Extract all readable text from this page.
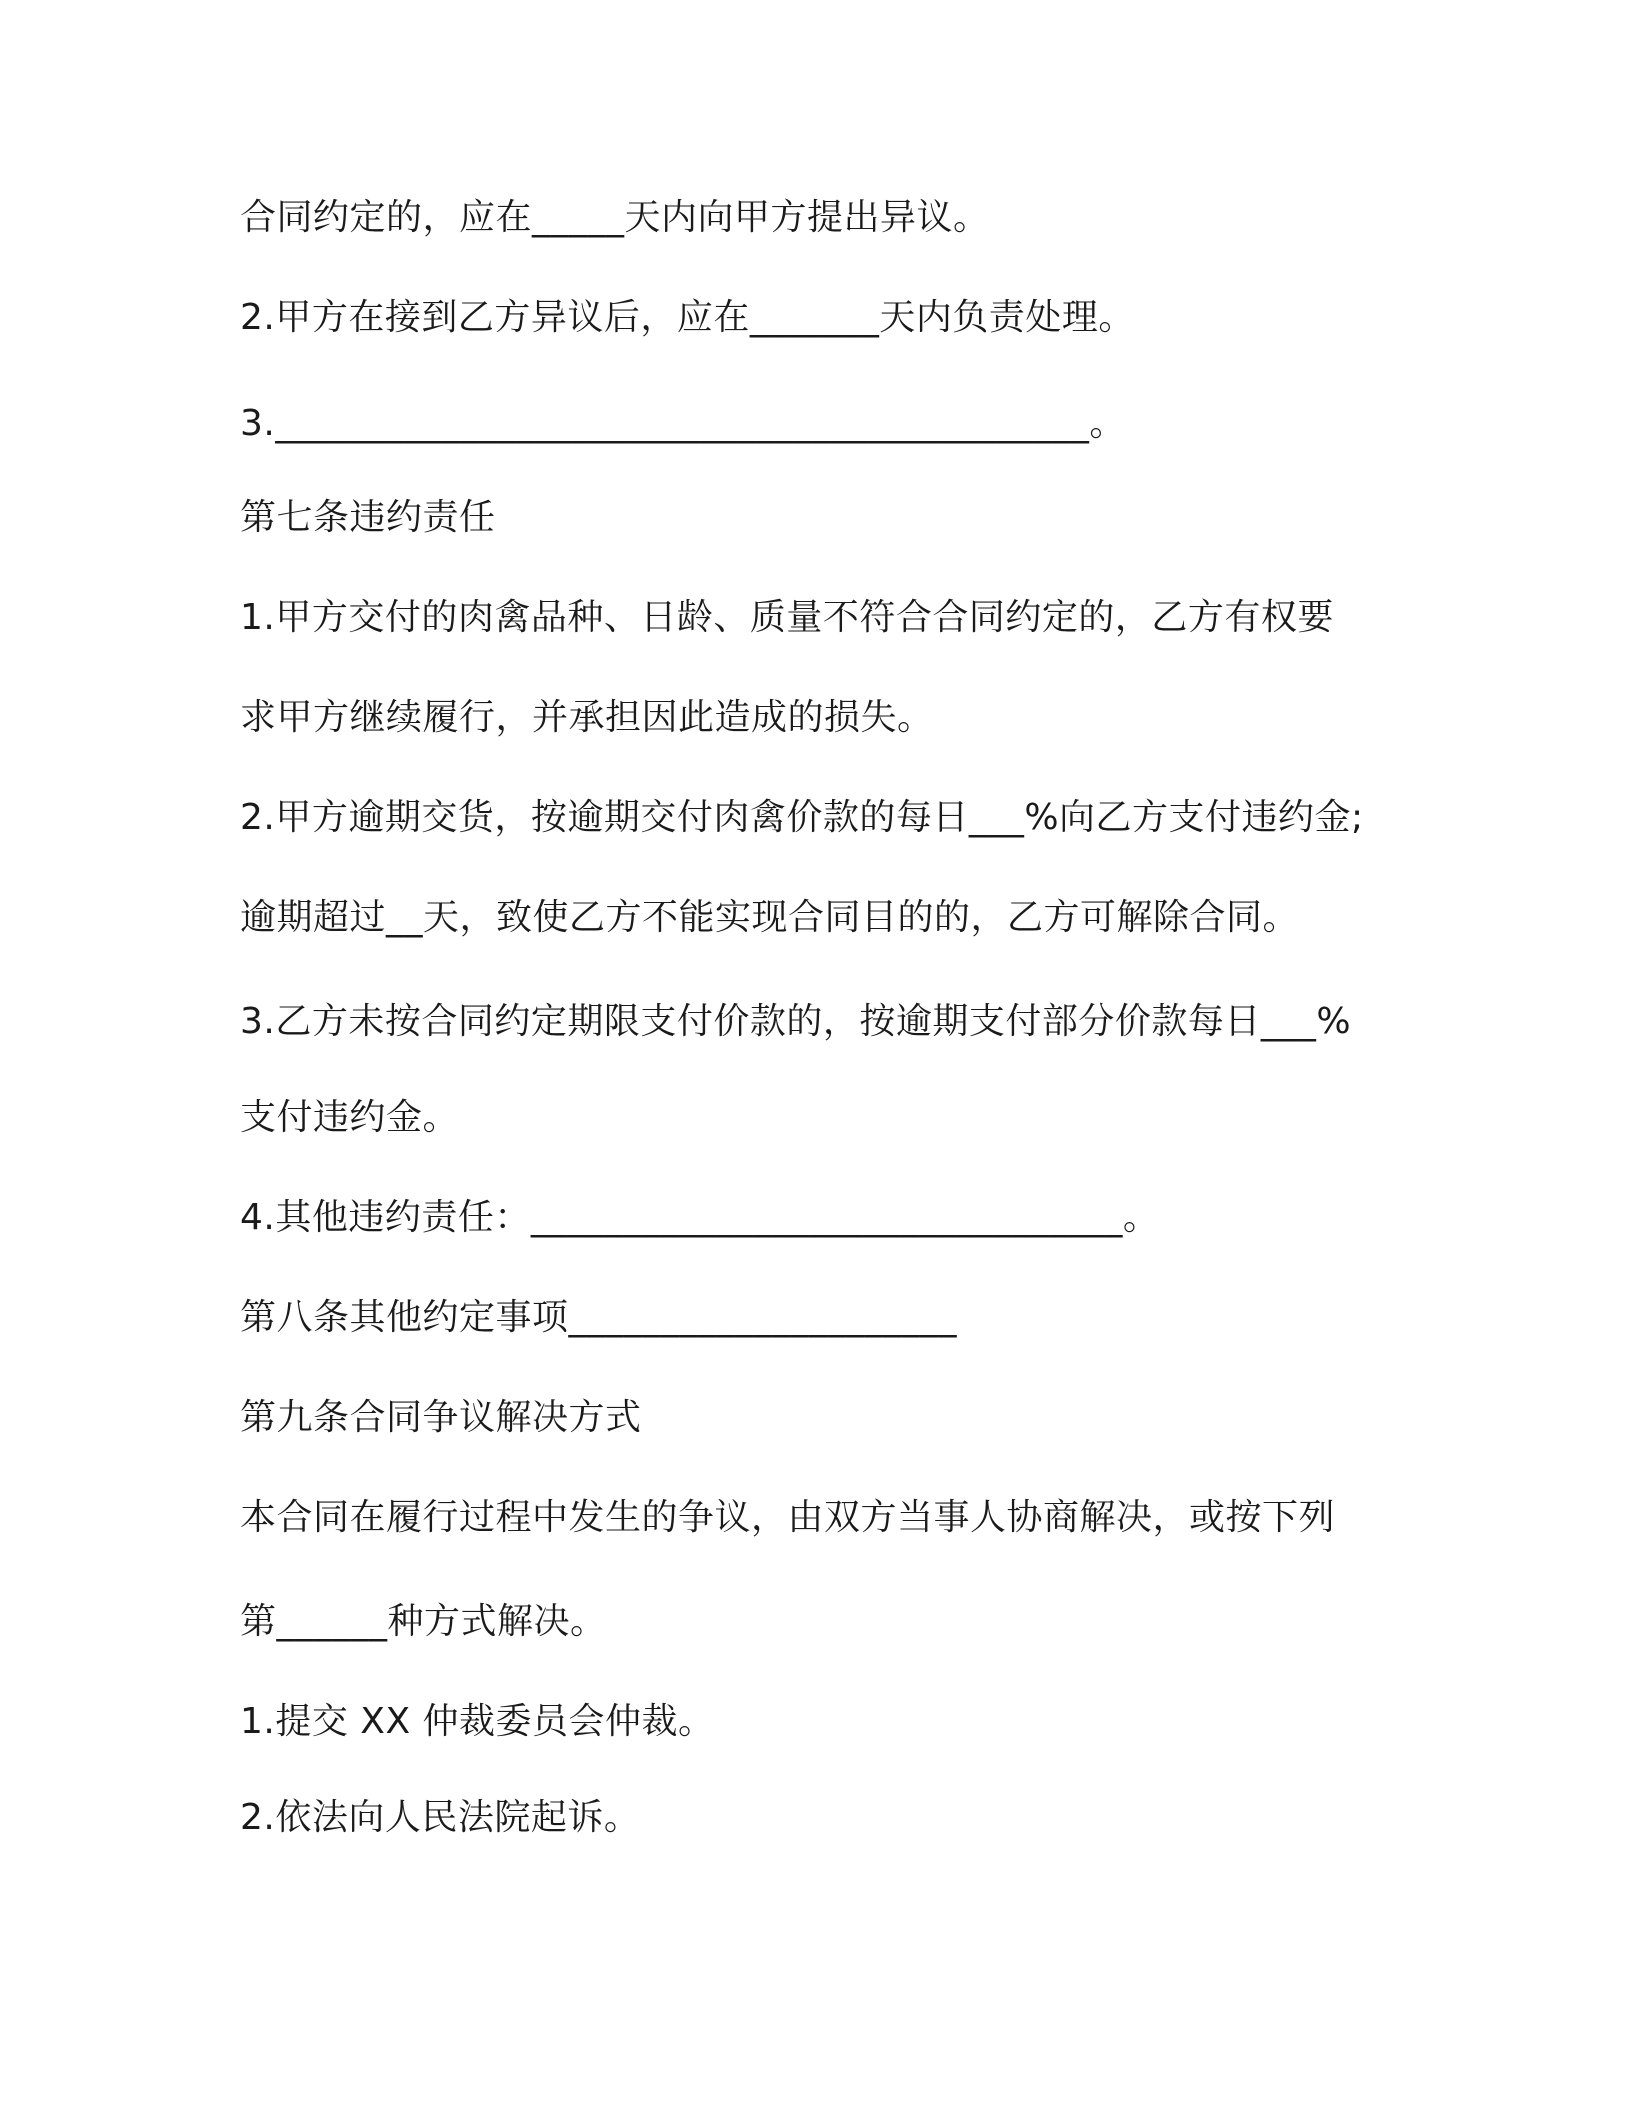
合同约定的，应在_____天内向甲方提出异议。
2.甲方在接到乙方异议后，应在_______天内负责处理。
3.____________________________________________。
第七条违约责任
1.甲方交付的肉禽品种、日龄、质量不符合合同约定的，乙方有权要
求甲方继续履行，并承担因此造成的损失。
2.甲方逾期交货，按逾期交付肉禽价款的每日___%向乙方支付违约金;
逾期超过__天，致使乙方不能实现合同目的的，乙方可解除合同。
3.乙方未按合同约定期限支付价款的，按逾期支付部分价款每日___%
支付违约金。
4.其他违约责任：________________________________。
第八条其他约定事项_____________________
第九条合同争议解决方式
本合同在履行过程中发生的争议，由双方当事人协商解决，或按下列
第______种方式解决。
1.提交 XX 仲裁委员会仲裁。
2.依法向人民法院起诉。
